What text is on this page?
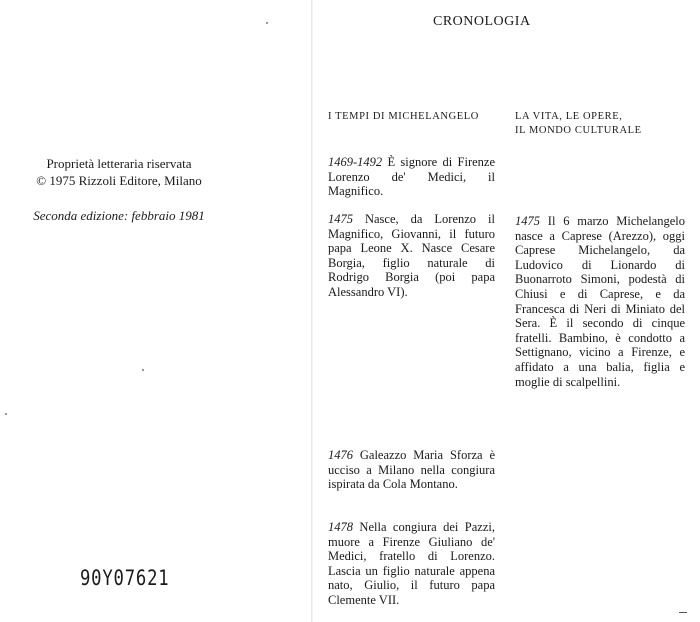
Proprietà letteraria riservata
© 1975 Rizzoli Editore, Milano
Seconda edizione: febbraio 1981
90Y07621
CRONOLOGIA
I TEMPI DI MICHELANGELO	LA VITA, LE OPERE,
IL MONDO CULTURALE

1469-1492 È signore di Firenze Lorenzo de' Medici, il Magnifico.

1475 Nasce, da Lorenzo il Magnifico, Giovanni, il futuro papa Leone X. Nasce Cesare Borgia, figlio naturale di Rodrigo Borgia (poi papa Alessandro VI).

1476 Galeazzo Maria Sforza è ucciso a Milano nella congiura ispirata da Cola Montano.

1478 Nella congiura dei Pazzi, muore a Firenze Giuliano de' Medici, fratello di Lorenzo. Lascia un figlio naturale appena nato, Giulio, il futuro papa Clemente VII.

1475 Il 6 marzo Michelangelo nasce a Caprese (Arezzo), oggi Caprese Michelangelo, da Ludovico di Lionardo di Buonarroto Simoni, podestà di Chiusi e di Caprese, e da Francesca di Neri di Miniato del Sera. È il secondo di cinque fratelli. Bambino, è condotto a Settignano, vicino a Firenze, e affidato a una balia, figlia e moglie di scalpellini.
